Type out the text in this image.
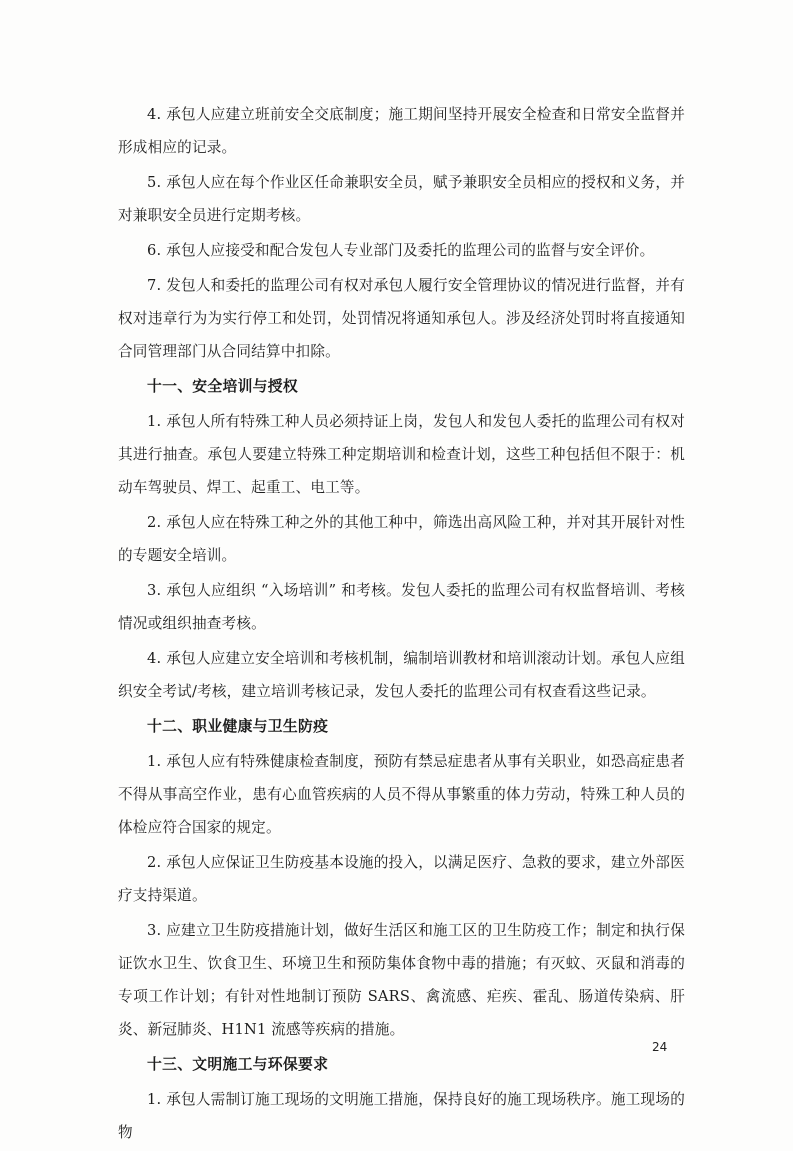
4. 承包人应建立班前安全交底制度；施工期间坚持开展安全检查和日常安全监督并形成相应的记录。

5. 承包人应在每个作业区任命兼职安全员，赋予兼职安全员相应的授权和义务，并对兼职安全员进行定期考核。

6. 承包人应接受和配合发包人专业部门及委托的监理公司的监督与安全评价。

7. 发包人和委托的监理公司有权对承包人履行安全管理协议的情况进行监督，并有权对违章行为为实行停工和处罚，处罚情况将通知承包人。涉及经济处罚时将直接通知合同管理部门从合同结算中扣除。

十一、安全培训与授权

1. 承包人所有特殊工种人员必须持证上岗，发包人和发包人委托的监理公司有权对其进行抽查。承包人要建立特殊工种定期培训和检查计划，这些工种包括但不限于：机动车驾驶员、焊工、起重工、电工等。

2. 承包人应在特殊工种之外的其他工种中，筛选出高风险工种，并对其开展针对性的专题安全培训。

3. 承包人应组织 “入场培训” 和考核。发包人委托的监理公司有权监督培训、考核情况或组织抽查考核。

4. 承包人应建立安全培训和考核机制，编制培训教材和培训滚动计划。承包人应组织安全考试/考核，建立培训考核记录，发包人委托的监理公司有权查看这些记录。

十二、职业健康与卫生防疫

1. 承包人应有特殊健康检查制度，预防有禁忌症患者从事有关职业，如恐高症患者不得从事高空作业，患有心血管疾病的人员不得从事繁重的体力劳动，特殊工种人员的体检应符合国家的规定。

2. 承包人应保证卫生防疫基本设施的投入，以满足医疗、急救的要求，建立外部医疗支持渠道。

3. 应建立卫生防疫措施计划，做好生活区和施工区的卫生防疫工作；制定和执行保证饮水卫生、饮食卫生、环境卫生和预防集体食物中毒的措施；有灭蚊、灭鼠和消毒的专项工作计划；有针对性地制订预防 SARS、禽流感、疟疾、霍乱、肠道传染病、肝炎、新冠肺炎、H1N1 流感等疾病的措施。

十三、文明施工与环保要求

1. 承包人需制订施工现场的文明施工措施，保持良好的施工现场秩序。施工现场的物

24
